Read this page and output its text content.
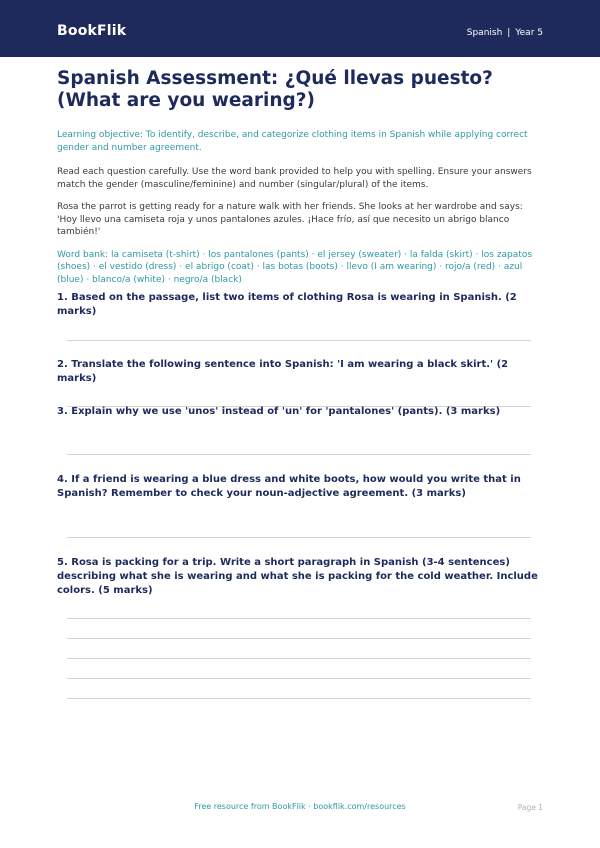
BookFlik	Spanish | Year 5
Spanish Assessment: ¿Qué llevas puesto? (What are you wearing?)

Learning objective: To identify, describe, and categorize clothing items in Spanish while applying correct gender and number agreement.

Read each question carefully. Use the word bank provided to help you with spelling. Ensure your answers match the gender (masculine/feminine) and number (singular/plural) of the items.

Rosa the parrot is getting ready for a nature walk with her friends. She looks at her wardrobe and says: 'Hoy llevo una camiseta roja y unos pantalones azules. ¡Hace frío, así que necesito un abrigo blanco también!'

Word bank: la camiseta (t-shirt) · los pantalones (pants) · el jersey (sweater) · la falda (skirt) · los zapatos (shoes) · el vestido (dress) · el abrigo (coat) · las botas (boots) · llevo (I am wearing) · rojo/a (red) · azul (blue) · blanco/a (white) · negro/a (black)

1. Based on the passage, list two items of clothing Rosa is wearing in Spanish. (2 marks)

2. Translate the following sentence into Spanish: 'I am wearing a black skirt.' (2 marks)

3. Explain why we use 'unos' instead of 'un' for 'pantalones' (pants). (3 marks)

4. If a friend is wearing a blue dress and white boots, how would you write that in Spanish? Remember to check your noun-adjective agreement. (3 marks)

5. Rosa is packing for a trip. Write a short paragraph in Spanish (3-4 sentences) describing what she is wearing and what she is packing for the cold weather. Include colors. (5 marks)

Free resource from BookFlik · bookflik.com/resources	Page 1
